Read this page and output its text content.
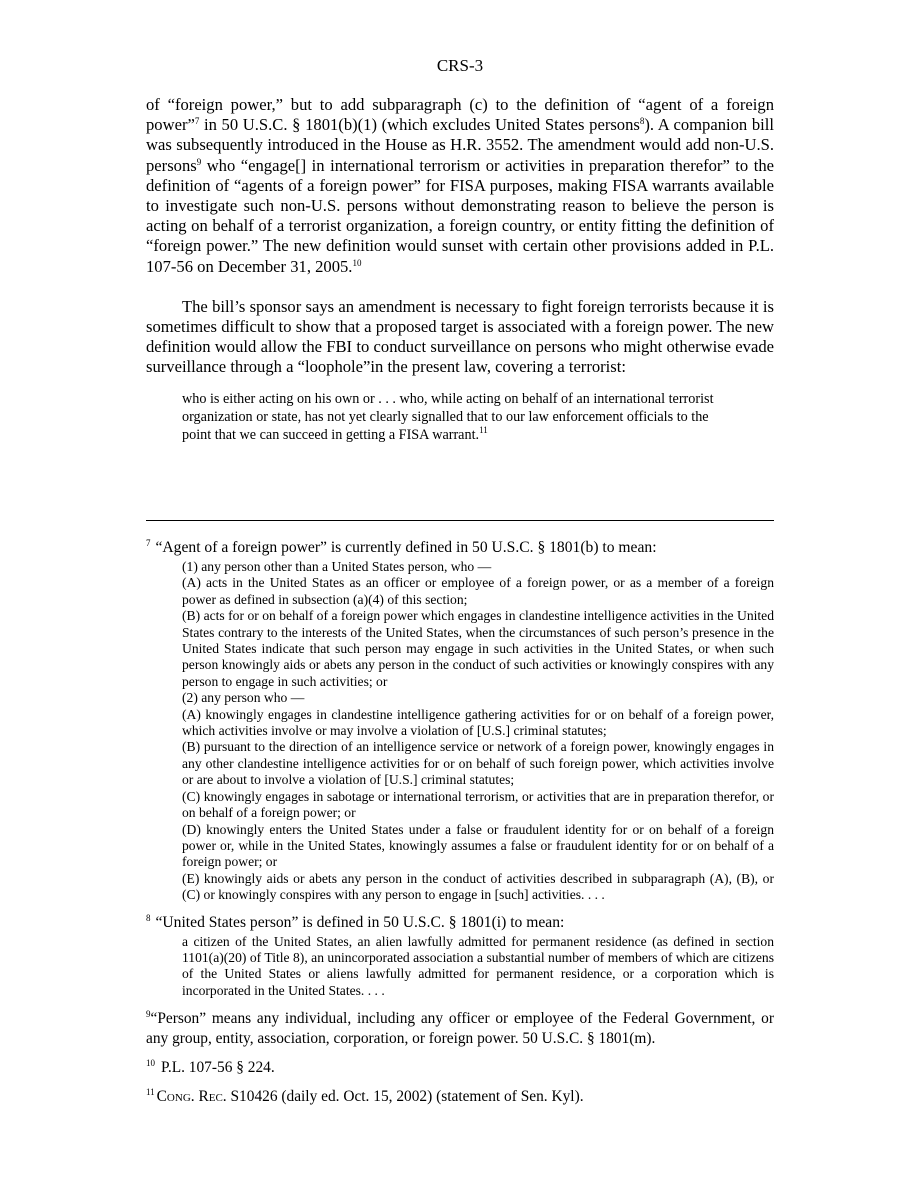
CRS-3

of “foreign power,” but to add subparagraph (c) to the definition of “agent of a foreign power”$^7$ in 50 U.S.C. § 1801(b)(1) (which excludes United States persons$^8$). A companion bill was subsequently introduced in the House as H.R. 3552. The amendment would add non-U.S. persons$^9$ who “engage[] in international terrorism or activities in preparation therefor” to the definition of “agents of a foreign power” for FISA purposes, making FISA warrants available to investigate such non-U.S. persons without demonstrating reason to believe the person is acting on behalf of a terrorist organization, a foreign country, or entity fitting the definition of “foreign power.” The new definition would sunset with certain other provisions added in P.L. 107-56 on December 31, 2005.10

The bill’s sponsor says an amendment is necessary to fight foreign terrorists because it is sometimes difficult to show that a proposed target is associated with a foreign power. The new definition would allow the FBI to conduct surveillance on persons who might otherwise evade surveillance through a “loophole”in the present law, covering a terrorist:

who is either acting on his own or . . . who, while acting on behalf of an international terrorist organization or state, has not yet clearly signalled that to our law enforcement officials to the point that we can succeed in getting a FISA warrant.$^{11}$
$^7$ “Agent of a foreign power” is currently defined in 50 U.S.C. § 1801(b) to mean:
(1) any person other than a United States person, who —
(A) acts in the United States as an officer or employee of a foreign power, or as a member of a foreign power as defined in subsection (a)(4) of this section;
(B) acts for or on behalf of a foreign power which engages in clandestine intelligence activities in the United States contrary to the interests of the United States, when the circumstances of such person’s presence in the United States indicate that such person may engage in such activities in the United States, or when such person knowingly aids or abets any person in the conduct of such activities or knowingly conspires with any person to engage in such activities; or
(2) any person who —
(A) knowingly engages in clandestine intelligence gathering activities for or on behalf of a foreign power, which activities involve or may involve a violation of [U.S.] criminal statutes;
(B) pursuant to the direction of an intelligence service or network of a foreign power, knowingly engages in any other clandestine intelligence activities for or on behalf of such foreign power, which activities involve or are about to involve a violation of [U.S.] criminal statutes;
(C) knowingly engages in sabotage or international terrorism, or activities that are in preparation therefor, or on behalf of a foreign power; or
(D) knowingly enters the United States under a false or fraudulent identity for or on behalf of a foreign power or, while in the United States, knowingly assumes a false or fraudulent identity for or on behalf of a foreign power; or
(E) knowingly aids or abets any person in the conduct of activities described in subparagraph (A), (B), or (C) or knowingly conspires with any person to engage in [such] activities. . . .
$^8$ “United States person” is defined in 50 U.S.C. § 1801(i) to mean:
a citizen of the United States, an alien lawfully admitted for permanent residence (as defined in section 1101(a)(20) of Title 8), an unincorporated association a substantial number of members of which are citizens of the United States or aliens lawfully admitted for permanent residence, or a corporation which is incorporated in the United States. . . .
$^9$“Person” means any individual, including any officer or employee of the Federal Government, or any group, entity, association, corporation, or foreign power. 50 U.S.C. § 1801(m).
$^{10}$ P.L. 107-56 § 224.
$^{11}$ Cong. Rec. S10426 (daily ed. Oct. 15, 2002) (statement of Sen. Kyl).
